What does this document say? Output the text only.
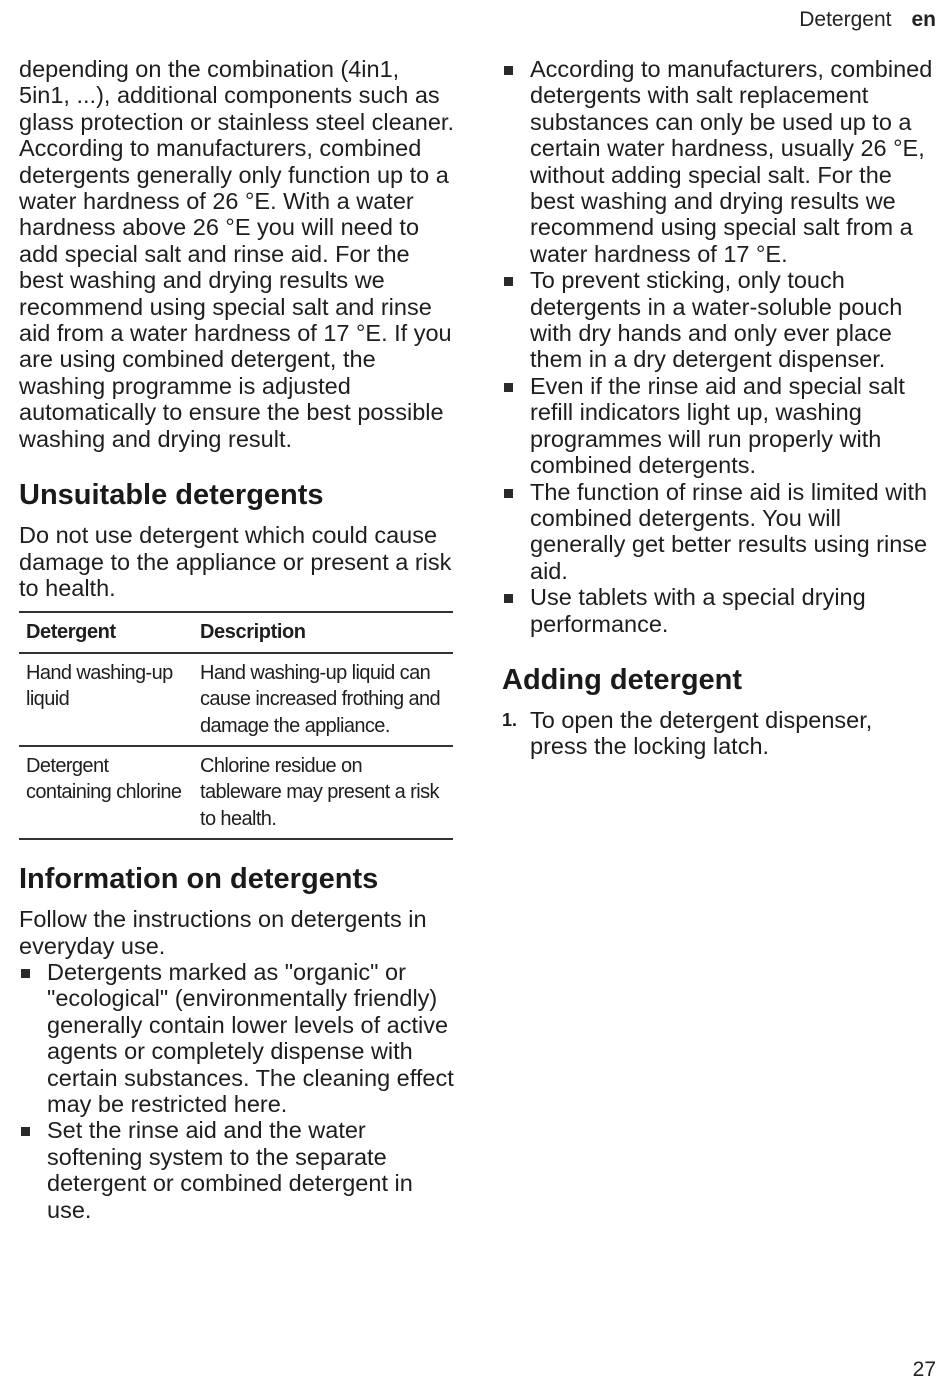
Detergent en

depending on the combination (4in1, 5in1, ...), additional components such as glass protection or stainless steel cleaner.

According to manufacturers, combined detergents generally only function up to a water hardness of 26 °E. With a water hardness above 26 °E you will need to add special salt and rinse aid. For the best washing and drying results we recommend using special salt and rinse aid from a water hardness of 17 °E. If you are using combined detergent, the washing programme is adjusted automatically to ensure the best possible washing and drying result.

Unsuitable detergents

Do not use detergent which could cause damage to the appliance or present a risk to health.

Detergent	Description
Hand washing-up liquid	Hand washing-up liquid can cause increased frothing and damage the appliance.
Detergent containing chlorine	Chlorine residue on tableware may present a risk to health.
Information on detergents

Follow the instructions on detergents in everyday use.

Detergents marked as "organic" or "ecological" (environmentally friendly) generally contain lower levels of active agents or completely dispense with certain substances. The cleaning effect may be restricted here.
Set the rinse aid and the water softening system to the separate detergent or combined detergent in use.
According to manufacturers, combined detergents with salt replacement substances can only be used up to a certain water hardness, usually 26 °E, without adding special salt. For the best washing and drying results we recommend using special salt from a water hardness of 17 °E.
To prevent sticking, only touch detergents in a water-soluble pouch with dry hands and only ever place them in a dry detergent dispenser.
Even if the rinse aid and special salt refill indicators light up, washing programmes will run properly with combined detergents.
The function of rinse aid is limited with combined detergents. You will generally get better results using rinse aid.
Use tablets with a special drying performance.
Adding detergent
1. To open the detergent dispenser, press the locking latch.
27
